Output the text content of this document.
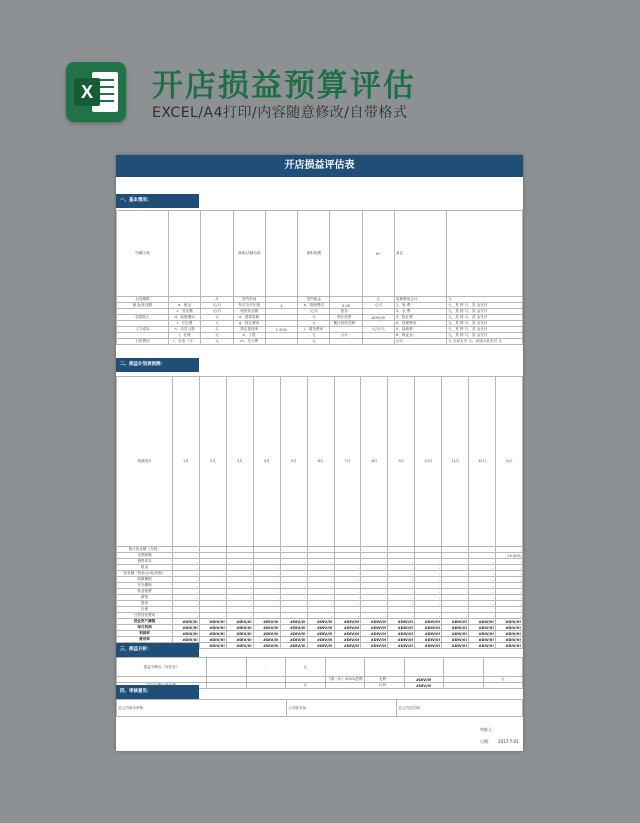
X 开店损益预算评估
EXCEL/A4打印/内容随意修改/自带格式
开店损益评估表
一、基本情况：
所属区域			商场/店铺名称		面积规模		m²	备注	
合同期限		月	签约时间		签约租金		元	装修费用合计：	元
租金/营业额	a、租金	元/月	每月交付比例	4	b、管理费用	0.00	元/月	1、电 费：	元，其 押 月，其 金支付
	c、营业额	元/月	保底营业额		元/月	营业：		2、水 费：	元，其 押 月，其 金支付
前期投入	d、装修费用	元	e、建筑装修		元	预计投资：	#DIV/0!	3、物业费：	元，其 押 月，其 金支付
	f、开办费	元	g、转让费用		元	累计投资总额：		4、管理费用：	元，其 押 月，其 金支付
人力成本	h、店员人数	人	预定提成率	1.50%	i、服务费率		元/月/人	5、装修费：	元，其 押 月，其 金支付
	j、社保	元	k、工资		元	合计：		6、保证金：	元，其 押 月，其 金支付
日常费用	l、水电（月）	元	m、办公费		元			小计：	元 总部支付 元，高速专款支付 元
二、损益计划表预测：
预测项目	1月	2月	3月	4月	5月	6月	7月	8月	9月	10月	11月	12月	合计
预计营业额（含税）													-
毛利润额													20.00%
销售成本	-	-	-	-	-	-	-	-	-	-	-	-	-
租金	-	-	-	-	-	-	-	-	-	-	-	-	-
营业额（物业/水电/其他）	-	-	-	-	-	-	-	-	-	-	-	-	-
装修摊销	-	-	-	-	-	-	-	-	-	-	-	-	-
开办摊销	-	-	-	-	-	-	-	-	-	-	-	-	-
营业税费	-	-	-	-	-	-	-	-	-	-	-	-	-
薪资	-	-	-	-	-	-	-	-	-	-	-	-	-
提成	-	-	-	-	-	-	-	-	-	-	-	-	-
社保													-
日常经营费用	-	-	-	-	-	-	-	-	-	-	-	-	-
营业资产摊销	#DIV/0!	#DIV/0!	#DIV/0!	#DIV/0!	#DIV/0!	#DIV/0!	#DIV/0!	#DIV/0!	#DIV/0!	#DIV/0!	#DIV/0!	#DIV/0!	#DIV/0!
每月利润	#DIV/0!	#DIV/0!	#DIV/0!	#DIV/0!	#DIV/0!	#DIV/0!	#DIV/0!	#DIV/0!	#DIV/0!	#DIV/0!	#DIV/0!	#DIV/0!	#DIV/0!
利润率	#DIV/0!	#DIV/0!	#DIV/0!	#DIV/0!	#DIV/0!	#DIV/0!	#DIV/0!	#DIV/0!	#DIV/0!	#DIV/0!	#DIV/0!	#DIV/0!	#DIV/0!
费用率	#DIV/0!	#DIV/0!	#DIV/0!	#DIV/0!	#DIV/0!	#DIV/0!	#DIV/0!	#DIV/0!	#DIV/0!	#DIV/0!	#DIV/0!	#DIV/0!	#DIV/0!
		#DIV/0!	#DIV/0!	#DIV/0!	#DIV/0!	#DIV/0!	#DIV/0!	#DIV/0!	#DIV/0!	#DIV/0!	#DIV/0!	#DIV/0!	#DIV/0!
三、损益分析：
损益平衡点（年营业）		-	元					
				（第一年）500%盈利	毛利：	#DIV/0!		元
			元		月份：	#DIV/0!		
四、审核意见：
总公司财务审核：	公司财务部：	总公司总经理：
审批人：
日期： 2017-7-01
